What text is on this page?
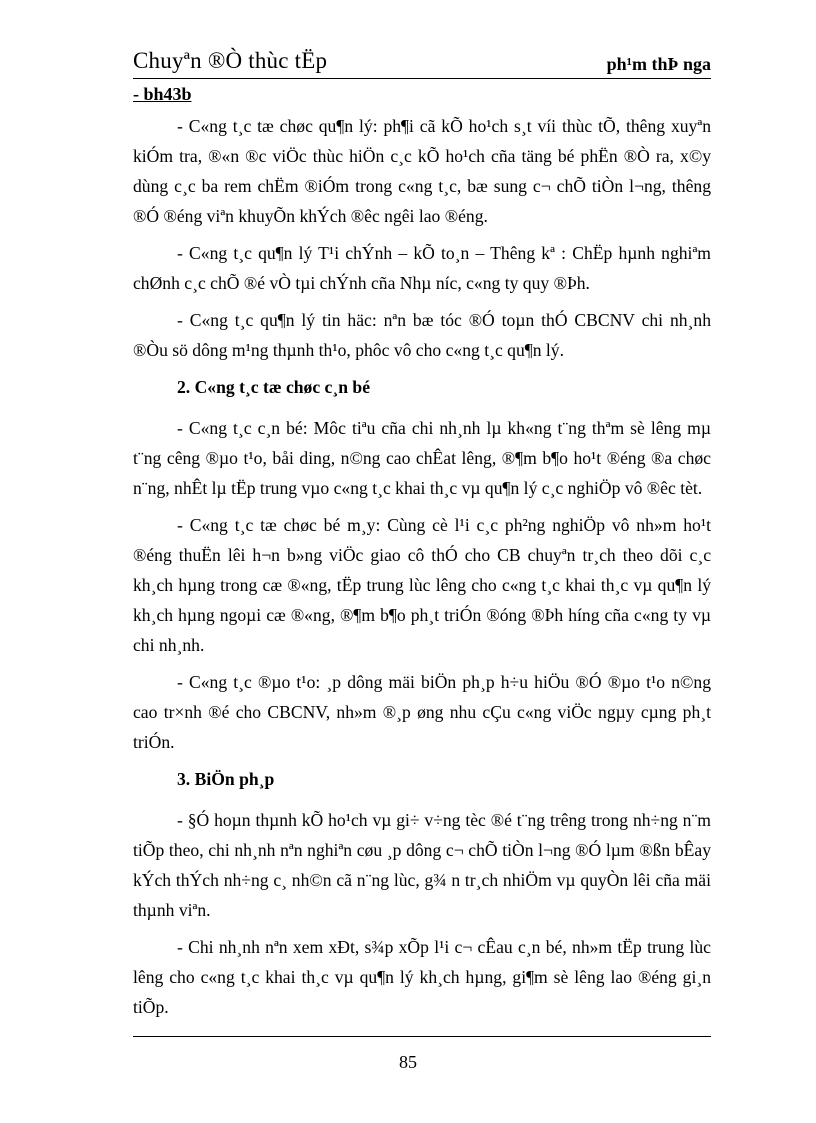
Chuyªn ®Ò thùc tËp	ph¹m thÞ nga
- bh43b

- C«ng t¸c tæ chøc qu¶n lý: ph¶i cã kÕ ho¹ch s¸t víi thùc tÕ, thêng xuyªn kiÓm tra, ®«n ®c viÖc thùc hiÖn c¸c kÕ ho¹ch cña täng bé phËn ®Ò ra, x©y dùng c¸c ba rem chËm ®iÓm trong c«ng t¸c, bæ sung c¬ chÕ tiÒn l¬ng, thêng ®Ó ®éng viªn khuyÕn khÝch ®êc ngêi lao ®éng.

- C«ng t¸c qu¶n lý T¹i chÝnh – kÕ to¸n – Thêng kª : ChËp hµnh nghiªm chØnh c¸c chÕ ®é vÒ tµi chÝnh cña Nhµ níc, c«ng ty quy ®Þh.

- C«ng t¸c qu¶n lý tin häc: nªn bæ tóc ®Ó toµn thÓ CBCNV chi nh¸nh ®Òu sö dông m¹ng thµnh th¹o, phôc vô cho c«ng t¸c qu¶n lý.

2. C«ng t¸c tæ chøc c¸n bé

- C«ng t¸c c¸n bé: Môc tiªu cña chi nh¸nh lµ kh«ng t¨ng thªm sè lêng mµ t¨ng cêng ®µo t¹o, båi ding, n©ng cao chÊat lêng, ®¶m b¶o ho¹t ®éng ®a chøc n¨ng, nhÊt lµ tËp trung vµo c«ng t¸c khai th¸c vµ qu¶n lý c¸c nghiÖp vô ®êc tèt.

- C«ng t¸c tæ chøc bé m¸y: Cùng cè l¹i c¸c ph²ng nghiÖp vô nh»m ho¹t ®éng thuËn lêi h¬n b»ng viÖc giao cô thÓ cho CB chuyªn tr¸ch theo dõi c¸c kh¸ch hµng trong cæ ®«ng, tËp trung lùc lêng cho c«ng t¸c khai th¸c vµ qu¶n lý kh¸ch hµng ngoµi cæ ®«ng, ®¶m b¶o ph¸t triÓn ®óng ®Þh híng cña c«ng ty vµ chi nh¸nh.

- C«ng t¸c ®µo t¹o: ¸p dông mäi biÖn ph¸p h÷u hiÖu ®Ó ®µo t¹o n©ng cao tr×nh ®é cho CBCNV, nh»m ®¸p øng nhu cÇu c«ng viÖc ngµy cµng ph¸t triÓn.

3. BiÖn ph¸p

- §Ó hoµn thµnh kÕ ho¹ch vµ gi÷ v÷ng tèc ®é t¨ng trêng trong nh÷ng n¨m tiÕp theo, chi nh¸nh nªn nghiªn cøu ¸p dông c¬ chÕ tiÒn l¬ng ®Ó lµm ®ßn bÊay kÝch thÝch nh÷ng c¸ nh©n cã n¨ng lùc, g¾ n tr¸ch nhiÖm vµ quyÒn lêi cña mäi thµnh viªn.

- Chi nh¸nh nªn xem xÐt, s¾p xÕp l¹i c¬ cÊau c¸n bé, nh»m tËp trung lùc lêng cho c«ng t¸c khai th¸c vµ qu¶n lý kh¸ch hµng, gi¶m sè lêng lao ®éng gi¸n tiÕp.

85
